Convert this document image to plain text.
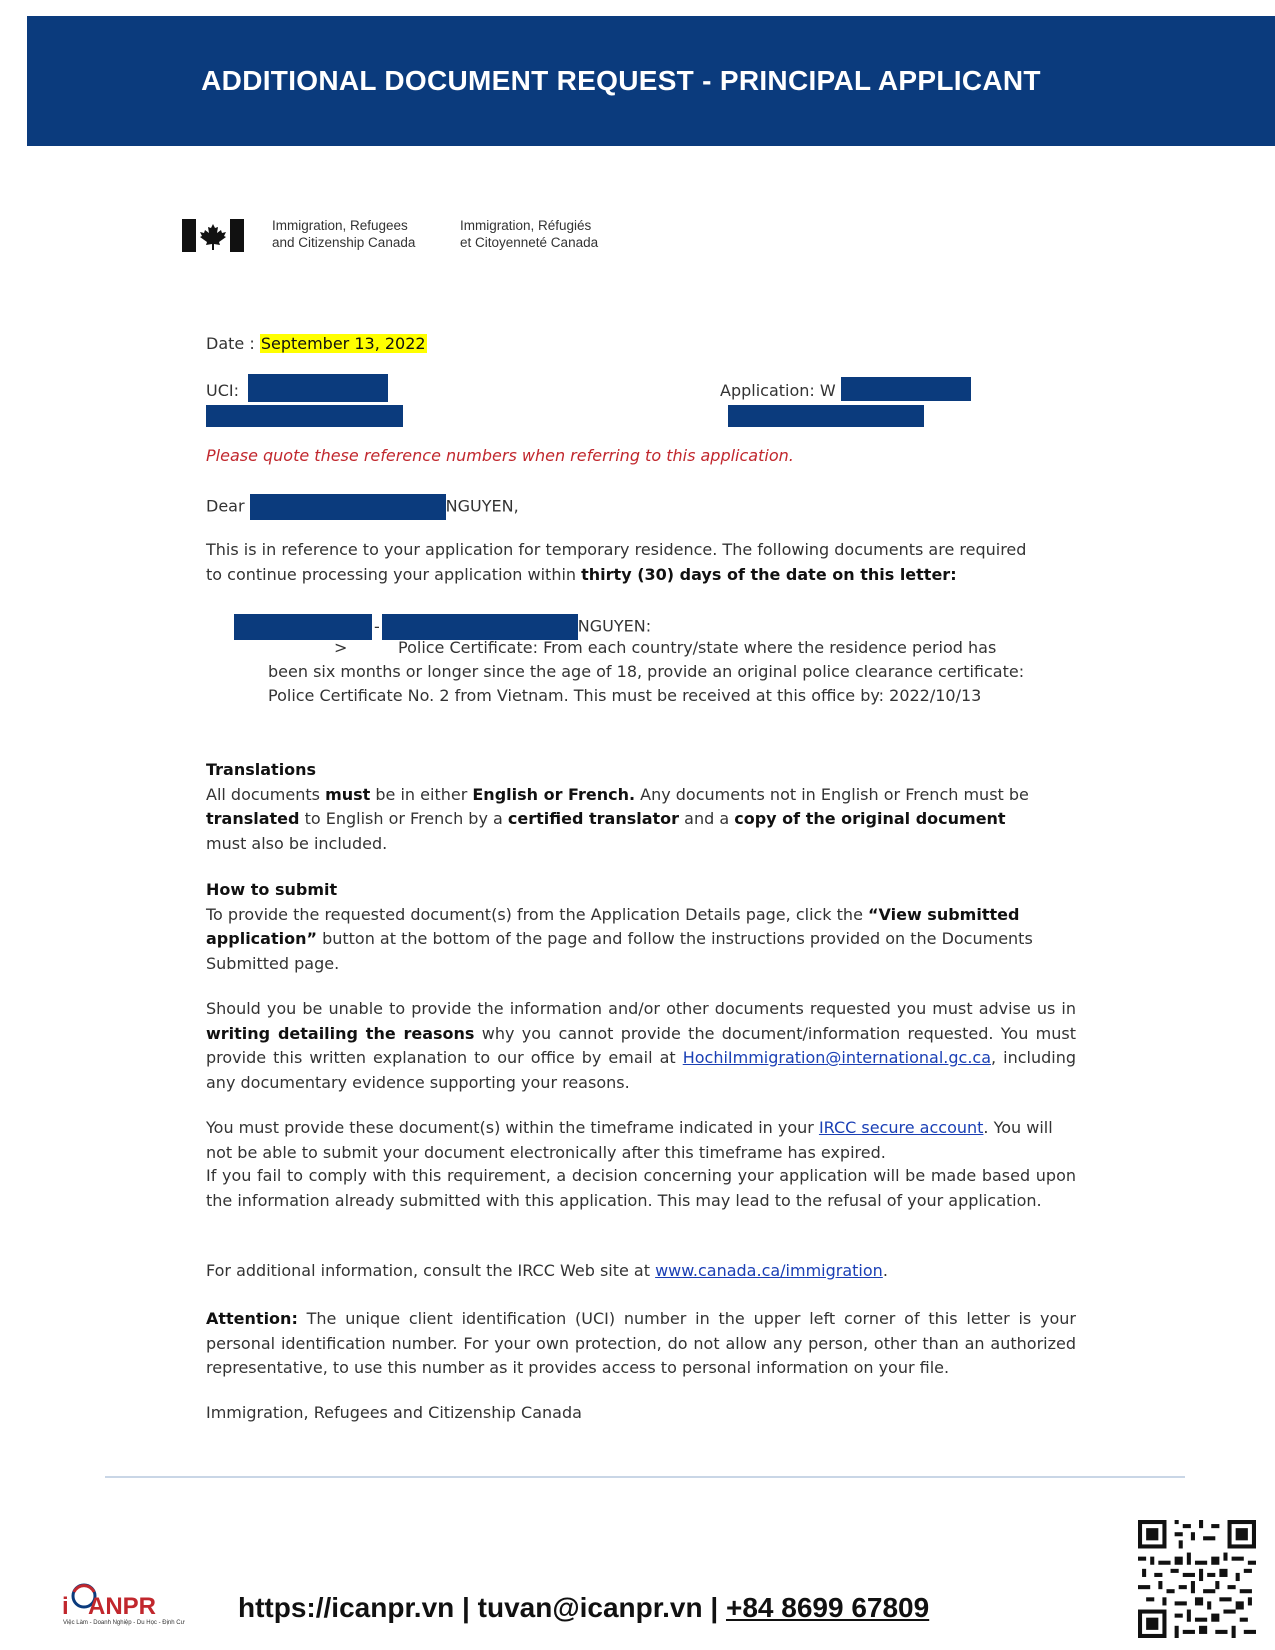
ADDITIONAL DOCUMENT REQUEST - PRINCIPAL APPLICANT
Immigration, Refugees
and Citizenship Canada
Immigration, Réfugiés
et Citoyenneté Canada
Date : September 13, 2022
UCI:	Application: W
Please quote these reference numbers when referring to this application.
Dear	NGUYEN,
This is in reference to your application for temporary residence. The following documents are required to continue processing your application within thirty (30) days of the date on this letter:
-	NGUYEN:
>	Police Certificate: From each country/state where the residence period has
been six months or longer since the age of 18, provide an original police clearance certificate:
Police Certificate No. 2 from Vietnam. This must be received at this office by: 2022/10/13
Translations
All documents must be in either English or French. Any documents not in English or French must be translated to English or French by a certified translator and a copy of the original document must also be included.
How to submit
To provide the requested document(s) from the Application Details page, click the “View submitted application” button at the bottom of the page and follow the instructions provided on the Documents Submitted page.
Should you be unable to provide the information and/or other documents requested you must advise us in writing detailing the reasons why you cannot provide the document/information requested. You must provide this written explanation to our office by email at HochiImmigration@international.gc.ca, including any documentary evidence supporting your reasons.
You must provide these document(s) within the timeframe indicated in your IRCC secure account. You will not be able to submit your document electronically after this timeframe has expired.
If you fail to comply with this requirement, a decision concerning your application will be made based upon the information already submitted with this application. This may lead to the refusal of your application.
For additional information, consult the IRCC Web site at www.canada.ca/immigration.
Attention: The unique client identification (UCI) number in the upper left corner of this letter is your personal identification number. For your own protection, do not allow any person, other than an authorized representative, to use this number as it provides access to personal information on your file.
Immigration, Refugees and Citizenship Canada
i ANPR
Việc Làm - Doanh Nghiệp - Du Học - Định Cư https://icanpr.vn | tuvan@icanpr.vn | +84 8699 67809
